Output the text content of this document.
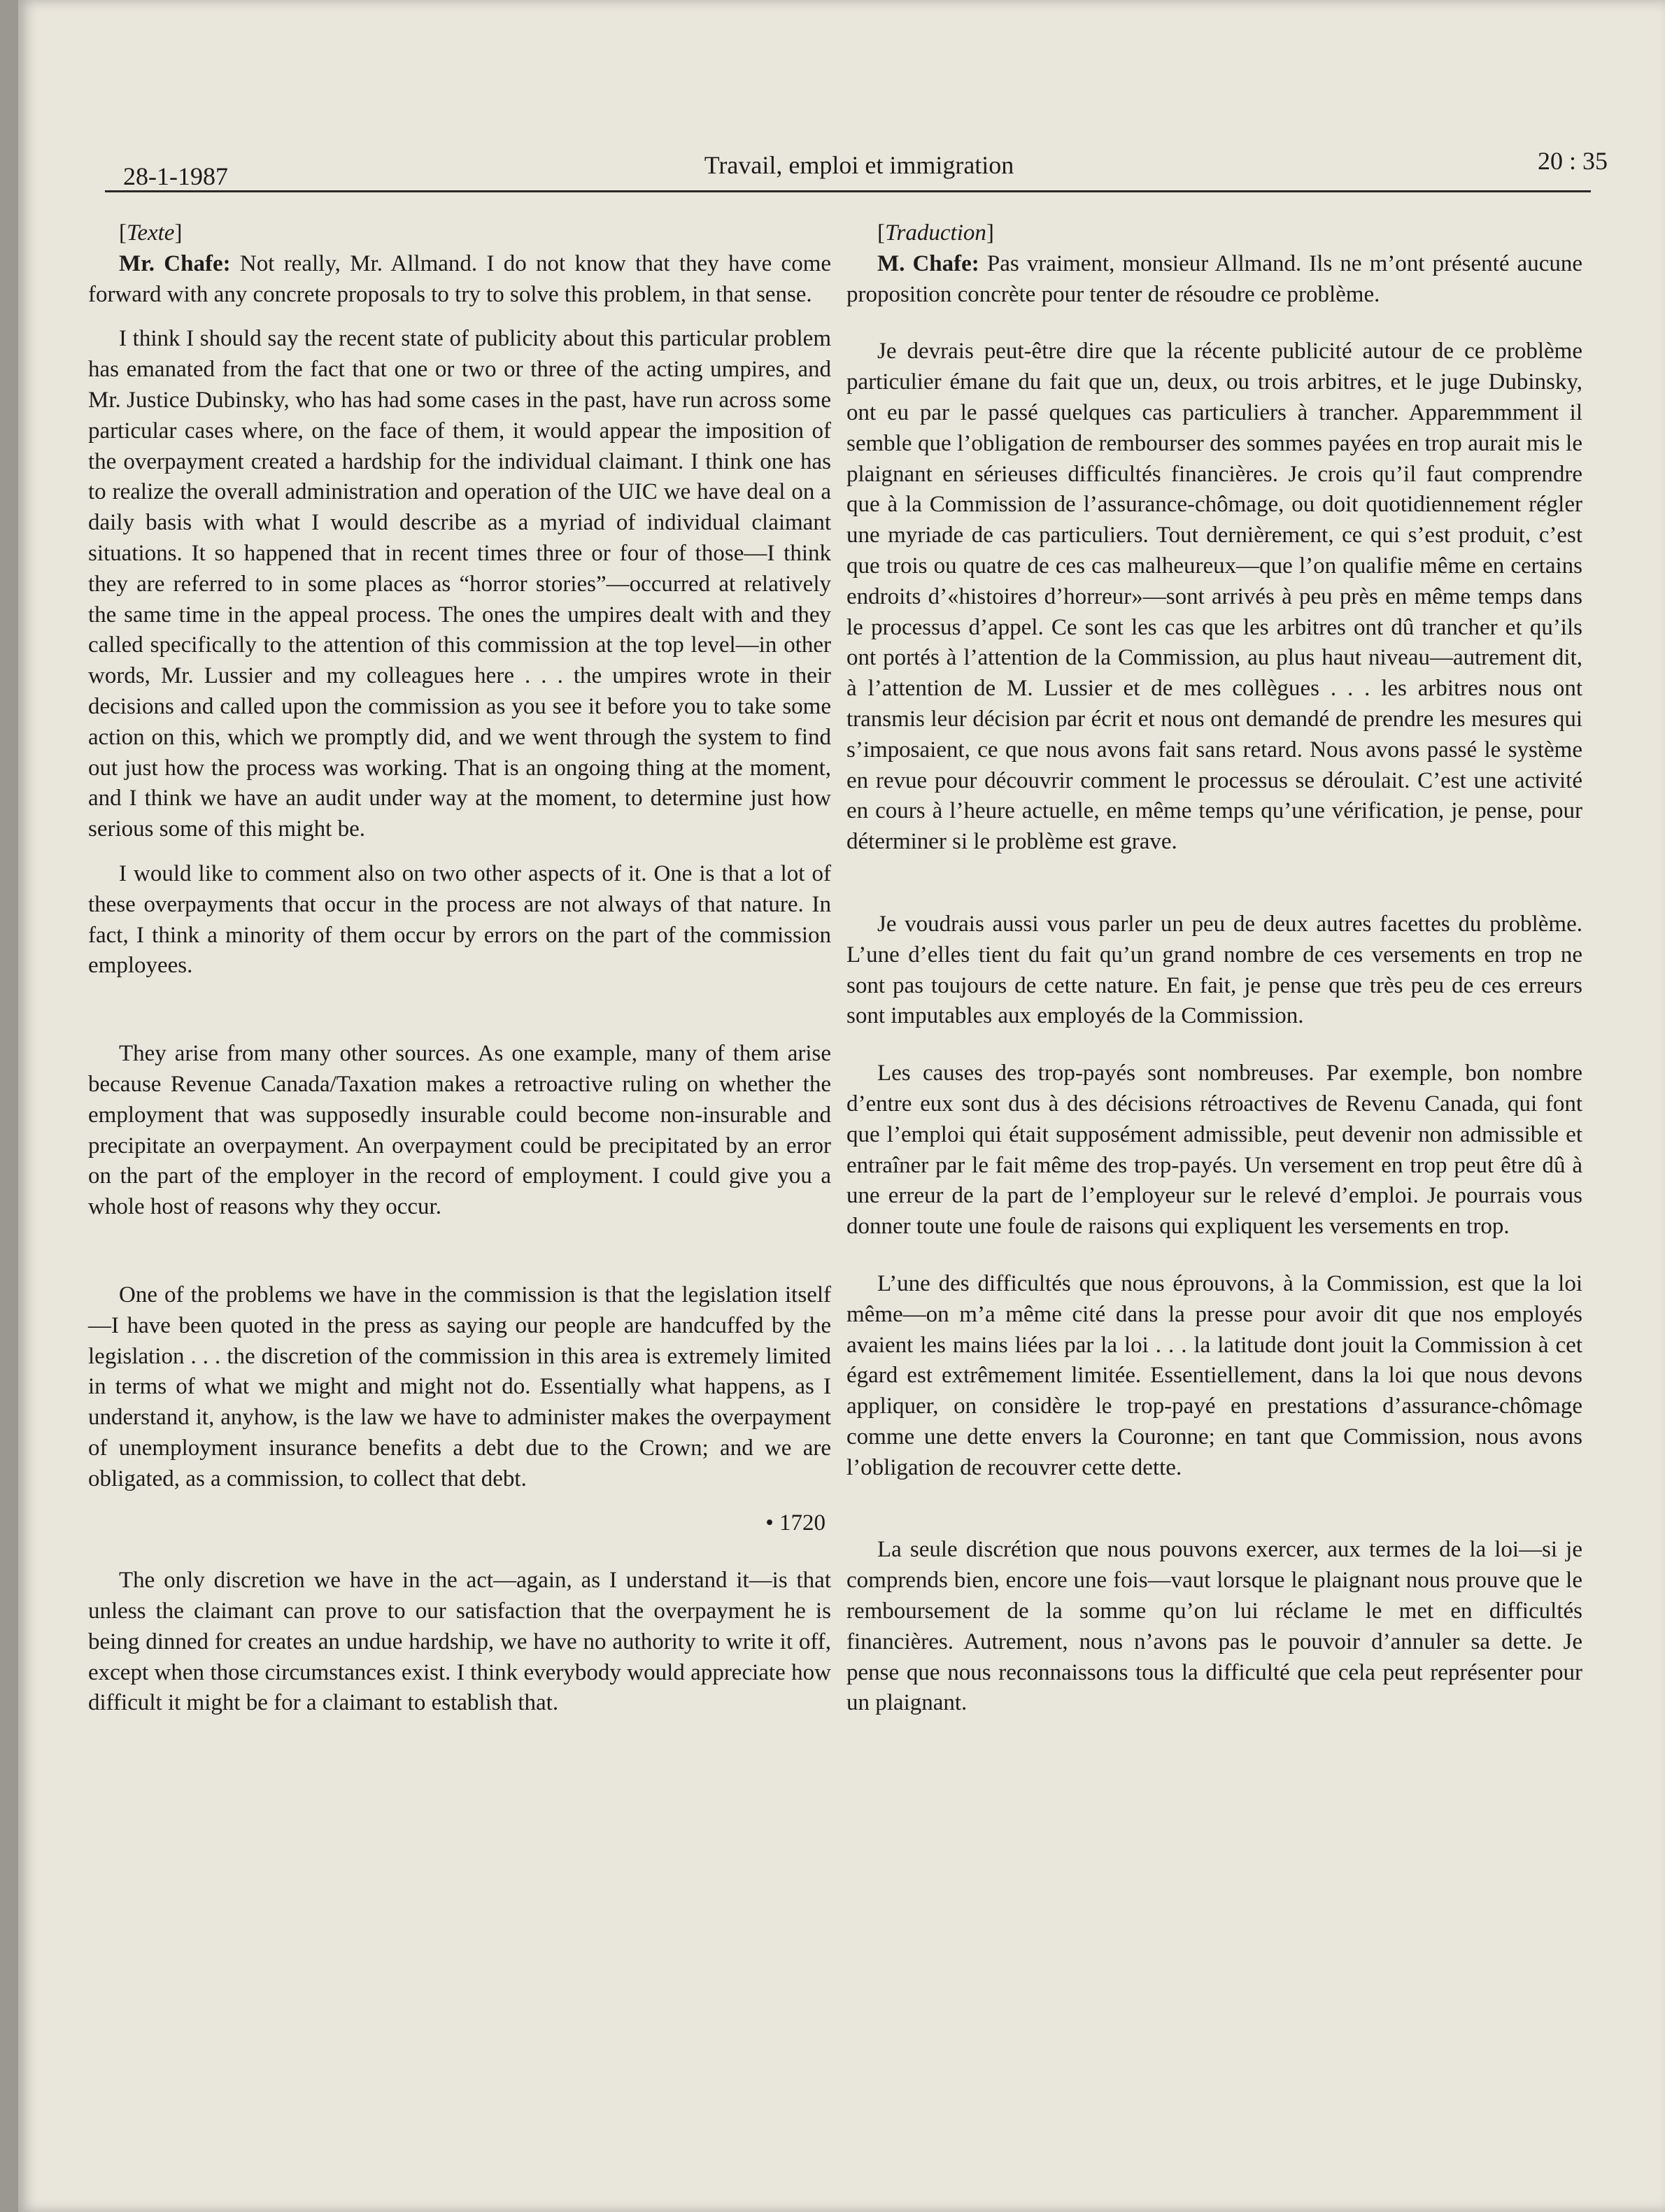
28-1-1987	Travail, emploi et immigration	20 : 35

[Texte]

Mr. Chafe: Not really, Mr. Allmand. I do not know that they have come forward with any concrete proposals to try to solve this problem, in that sense.

I think I should say the recent state of publicity about this particular problem has emanated from the fact that one or two or three of the acting umpires, and Mr. Justice Dubinsky, who has had some cases in the past, have run across some particular cases where, on the face of them, it would appear the imposition of the overpayment created a hardship for the individual claimant. I think one has to realize the overall administration and operation of the UIC we have deal on a daily basis with what I would describe as a myriad of individual claimant situations. It so happened that in recent times three or four of those—I think they are referred to in some places as “horror stories”—occurred at relatively the same time in the appeal process. The ones the umpires dealt with and they called specifically to the attention of this commission at the top level—in other words, Mr. Lussier and my colleagues here . . . the umpires wrote in their decisions and called upon the commission as you see it before you to take some action on this, which we promptly did, and we went through the system to find out just how the process was working. That is an ongoing thing at the moment, and I think we have an audit under way at the moment, to determine just how serious some of this might be.

I would like to comment also on two other aspects of it. One is that a lot of these overpayments that occur in the process are not always of that nature. In fact, I think a minority of them occur by errors on the part of the commission employees.

They arise from many other sources. As one example, many of them arise because Revenue Canada/Taxation makes a retroactive ruling on whether the employment that was supposedly insurable could become non-insurable and precipitate an overpayment. An overpayment could be precipitated by an error on the part of the employer in the record of employment. I could give you a whole host of reasons why they occur.

One of the problems we have in the commission is that the legislation itself—I have been quoted in the press as saying our people are handcuffed by the legislation . . . the discretion of the commission in this area is extremely limited in terms of what we might and might not do. Essentially what happens, as I understand it, anyhow, is the law we have to administer makes the overpayment of unemployment insurance benefits a debt due to the Crown; and we are obligated, as a commission, to collect that debt.

• 1720

The only discretion we have in the act—again, as I understand it—is that unless the claimant can prove to our satisfaction that the overpayment he is being dinned for creates an undue hardship, we have no authority to write it off, except when those circumstances exist. I think everybody would appreciate how difficult it might be for a claimant to establish that.

[Traduction]

M. Chafe: Pas vraiment, monsieur Allmand. Ils ne m’ont présenté aucune proposition concrète pour tenter de résoudre ce problème.

Je devrais peut-être dire que la récente publicité autour de ce problème particulier émane du fait que un, deux, ou trois arbitres, et le juge Dubinsky, ont eu par le passé quelques cas particuliers à trancher. Apparemmment il semble que l’obligation de rembourser des sommes payées en trop aurait mis le plaignant en sérieuses difficultés financières. Je crois qu’il faut comprendre que à la Commission de l’assurance-chômage, ou doit quotidiennement régler une myriade de cas particuliers. Tout dernièrement, ce qui s’est produit, c’est que trois ou quatre de ces cas malheureux—que l’on qualifie même en certains endroits d’«histoires d’horreur»—sont arrivés à peu près en même temps dans le processus d’appel. Ce sont les cas que les arbitres ont dû trancher et qu’ils ont portés à l’attention de la Commission, au plus haut niveau—autrement dit, à l’attention de M. Lussier et de mes collègues . . . les arbitres nous ont transmis leur décision par écrit et nous ont demandé de prendre les mesures qui s’imposaient, ce que nous avons fait sans retard. Nous avons passé le système en revue pour découvrir comment le processus se déroulait. C’est une activité en cours à l’heure actuelle, en même temps qu’une vérification, je pense, pour déterminer si le problème est grave.

Je voudrais aussi vous parler un peu de deux autres facettes du problème. L’une d’elles tient du fait qu’un grand nombre de ces versements en trop ne sont pas toujours de cette nature. En fait, je pense que très peu de ces erreurs sont imputables aux employés de la Commission.

Les causes des trop-payés sont nombreuses. Par exemple, bon nombre d’entre eux sont dus à des décisions rétroactives de Revenu Canada, qui font que l’emploi qui était supposément admissible, peut devenir non admissible et entraîner par le fait même des trop-payés. Un versement en trop peut être dû à une erreur de la part de l’employeur sur le relevé d’emploi. Je pourrais vous donner toute une foule de raisons qui expliquent les versements en trop.

L’une des difficultés que nous éprouvons, à la Commission, est que la loi même—on m’a même cité dans la presse pour avoir dit que nos employés avaient les mains liées par la loi . . . la latitude dont jouit la Commission à cet égard est extrêmement limitée. Essentiellement, dans la loi que nous devons appliquer, on considère le trop-payé en prestations d’assurance-chômage comme une dette envers la Couronne; en tant que Commission, nous avons l’obligation de recouvrer cette dette.

La seule discrétion que nous pouvons exercer, aux termes de la loi—si je comprends bien, encore une fois—vaut lorsque le plaignant nous prouve que le remboursement de la somme qu’on lui réclame le met en difficultés financières. Autrement, nous n’avons pas le pouvoir d’annuler sa dette. Je pense que nous reconnaissons tous la difficulté que cela peut représenter pour un plaignant.
